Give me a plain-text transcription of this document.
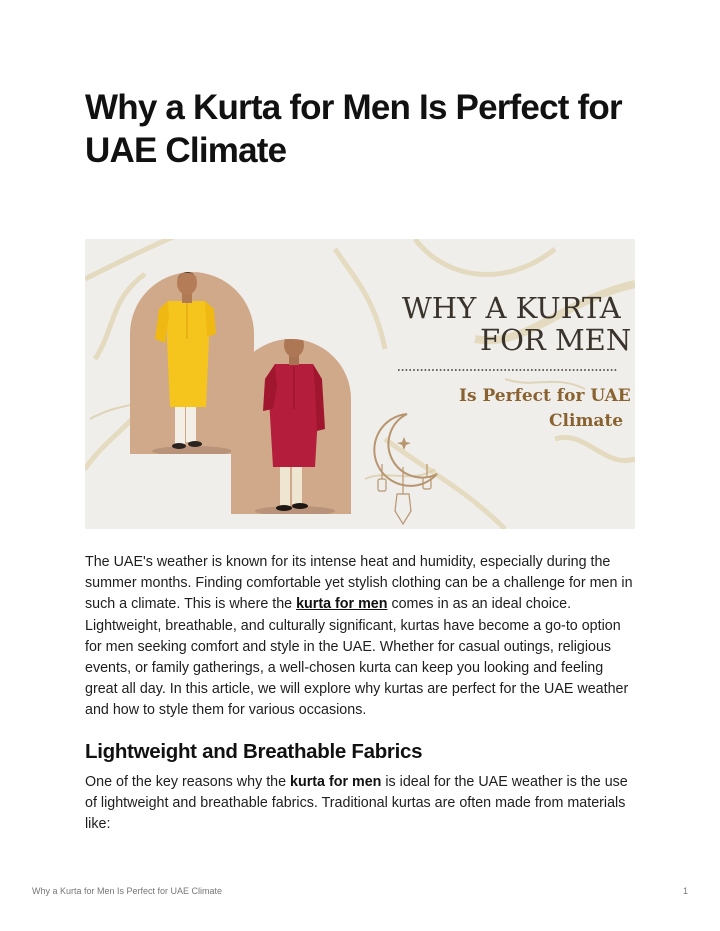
Why a Kurta for Men Is Perfect for UAE Climate
WHY A KURTA
FOR MEN
Is Perfect for UAE
Climate

The UAE's weather is known for its intense heat and humidity, especially during the summer months. Finding comfortable yet stylish clothing can be a challenge for men in such a climate. This is where the kurta for men comes in as an ideal choice. Lightweight, breathable, and culturally significant, kurtas have become a go-to option for men seeking comfort and style in the UAE. Whether for casual outings, religious events, or family gatherings, a well-chosen kurta can keep you looking and feeling great all day. In this article, we will explore why kurtas are perfect for the UAE weather and how to style them for various occasions.

Lightweight and Breathable Fabrics

One of the key reasons why the kurta for men is ideal for the UAE weather is the use of lightweight and breathable fabrics. Traditional kurtas are often made from materials like:

Why a Kurta for Men Is Perfect for UAE Climate	1
